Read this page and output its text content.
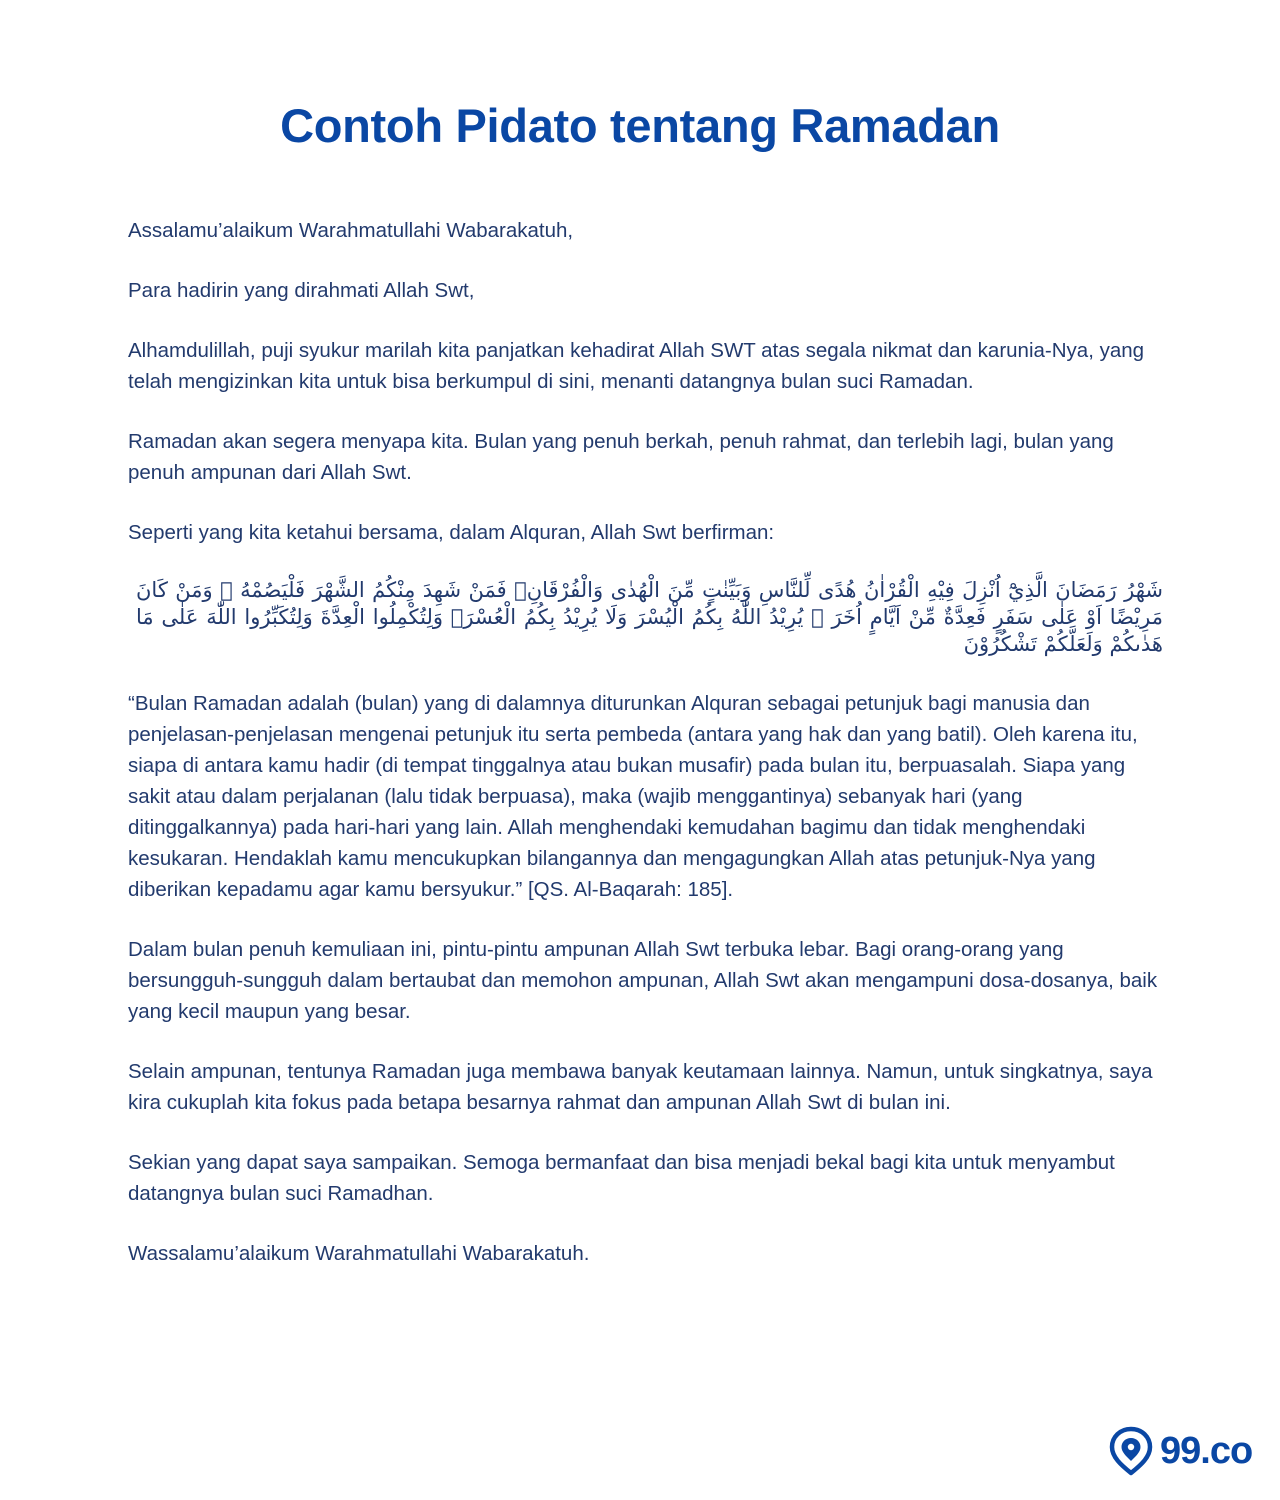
Contoh Pidato tentang Ramadan

Assalamu’alaikum Warahmatullahi Wabarakatuh,

Para hadirin yang dirahmati Allah Swt,

Alhamdulillah, puji syukur marilah kita panjatkan kehadirat Allah SWT atas segala nikmat dan karunia-Nya, yang telah mengizinkan kita untuk bisa berkumpul di sini, menanti datangnya bulan suci Ramadan.

Ramadan akan segera menyapa kita. Bulan yang penuh berkah, penuh rahmat, dan terlebih lagi, bulan yang penuh ampunan dari Allah Swt.

Seperti yang kita ketahui bersama, dalam Alquran, Allah Swt berfirman:

شَهْرُ رَمَضَانَ الَّذِيْٓ اُنْزِلَ فِيْهِ الْقُرْاٰنُ هُدًى لِّلنَّاسِ وَبَيِّنٰتٍ مِّنَ الْهُدٰى وَالْفُرْقَانِۚ فَمَنْ شَهِدَ مِنْكُمُ الشَّهْرَ فَلْيَصُمْهُ ۗ وَمَنْ كَانَ مَرِيْضًا اَوْ عَلٰى سَفَرٍ فَعِدَّةٌ مِّنْ اَيَّامٍ اُخَرَ ۗ يُرِيْدُ اللّٰهُ بِكُمُ الْيُسْرَ وَلَا يُرِيْدُ بِكُمُ الْعُسْرَۖ وَلِتُكْمِلُوا الْعِدَّةَ وَلِتُكَبِّرُوا اللّٰهَ عَلٰى مَا هَدٰىكُمْ وَلَعَلَّكُمْ تَشْكُرُوْنَ

“Bulan Ramadan adalah (bulan) yang di dalamnya diturunkan Alquran sebagai petunjuk bagi manusia dan penjelasan-penjelasan mengenai petunjuk itu serta pembeda (antara yang hak dan yang batil). Oleh karena itu, siapa di antara kamu hadir (di tempat tinggalnya atau bukan musafir) pada bulan itu, berpuasalah. Siapa yang sakit atau dalam perjalanan (lalu tidak berpuasa), maka (wajib menggantinya) sebanyak hari (yang ditinggalkannya) pada hari-hari yang lain. Allah menghendaki kemudahan bagimu dan tidak menghendaki kesukaran. Hendaklah kamu mencukupkan bilangannya dan mengagungkan Allah atas petunjuk-Nya yang diberikan kepadamu agar kamu bersyukur.” [QS. Al-Baqarah: 185].

Dalam bulan penuh kemuliaan ini, pintu-pintu ampunan Allah Swt terbuka lebar. Bagi orang-orang yang bersungguh-sungguh dalam bertaubat dan memohon ampunan, Allah Swt akan mengampuni dosa-dosanya, baik yang kecil maupun yang besar.

Selain ampunan, tentunya Ramadan juga membawa banyak keutamaan lainnya. Namun, untuk singkatnya, saya kira cukuplah kita fokus pada betapa besarnya rahmat dan ampunan Allah Swt di bulan ini.

Sekian yang dapat saya sampaikan. Semoga bermanfaat dan bisa menjadi bekal bagi kita untuk menyambut datangnya bulan suci Ramadhan.

Wassalamu’alaikum Warahmatullahi Wabarakatuh.

99.co
